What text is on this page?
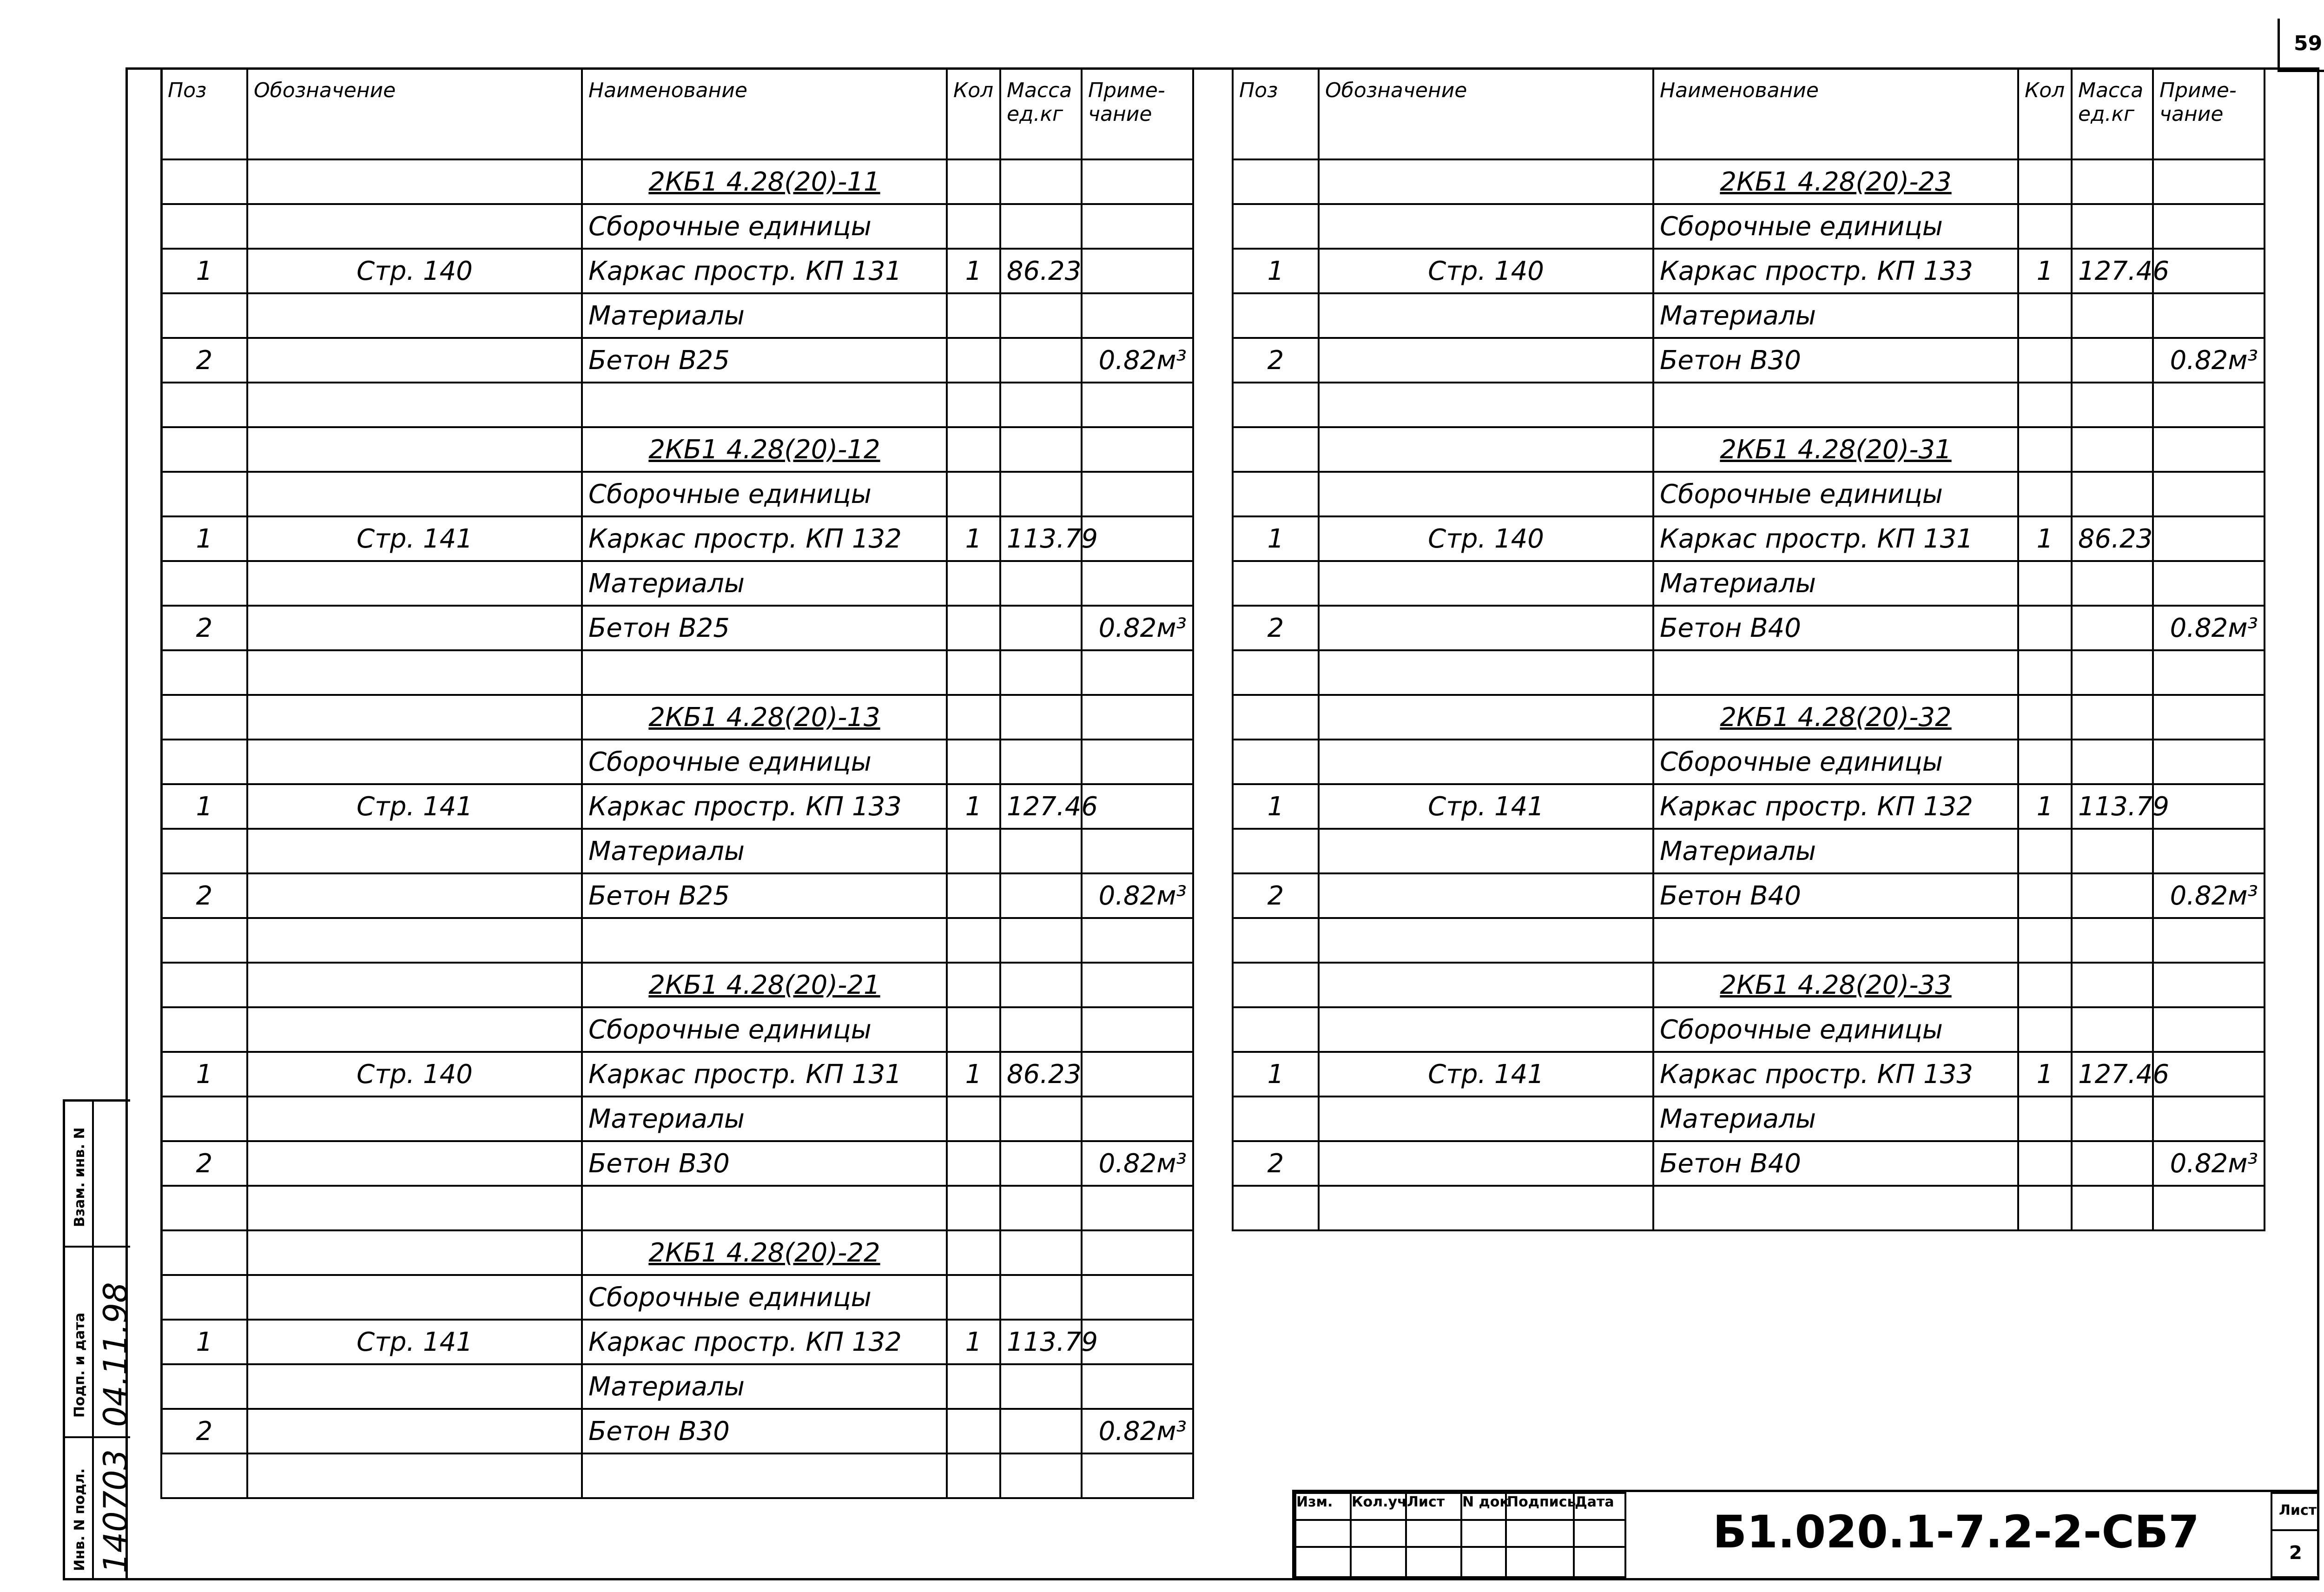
59
Поз	Обозначение	Наименование	Кол	Масса ед.кг	Приме- чание
		2КБ1 4.28(20)-11			
		Сборочные единицы			
1	Стр. 140	Каркас простр. КП 131	1	86.23	
		Материалы			
2		Бетон В25			0.82м³

		2КБ1 4.28(20)-12			
		Сборочные единицы			
1	Стр. 141	Каркас простр. КП 132	1	113.79	
		Материалы			
2		Бетон В25			0.82м³

		2КБ1 4.28(20)-13			
		Сборочные единицы			
1	Стр. 141	Каркас простр. КП 133	1	127.46	
		Материалы			
2		Бетон В25			0.82м³

		2КБ1 4.28(20)-21			
		Сборочные единицы			
1	Стр. 140	Каркас простр. КП 131	1	86.23	
		Материалы			
2		Бетон В30			0.82м³

		2КБ1 4.28(20)-22			
		Сборочные единицы			
1	Стр. 141	Каркас простр. КП 132	1	113.79	
		Материалы			
2		Бетон В30			0.82м³

Поз	Обозначение	Наименование	Кол	Масса ед.кг	Приме- чание
		2КБ1 4.28(20)-23			
		Сборочные единицы			
1	Стр. 140	Каркас простр. КП 133	1	127.46	
		Материалы			
2		Бетон В30			0.82м³

		2КБ1 4.28(20)-31			
		Сборочные единицы			
1	Стр. 140	Каркас простр. КП 131	1	86.23	
		Материалы			
2		Бетон В40			0.82м³

		2КБ1 4.28(20)-32			
		Сборочные единицы			
1	Стр. 141	Каркас простр. КП 132	1	113.79	
		Материалы			
2		Бетон В40			0.82м³

		2КБ1 4.28(20)-33			
		Сборочные единицы			
1	Стр. 141	Каркас простр. КП 133	1	127.46	
		Материалы			
2		Бетон В40			0.82м³

Изм.	Кол.уч Лист	N док
Подпись
Дата
Б1.020.1-7.2-2-СБ7	Лист
2
Взам. инв. N
Подп. и дата
Инв. N подл.
04.11.98
140703
